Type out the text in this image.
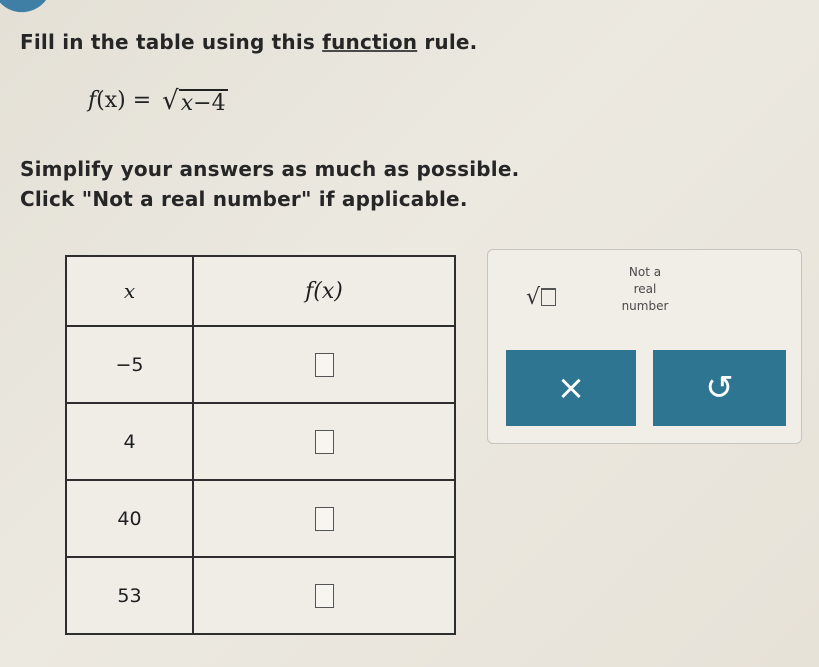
Fill in the table using this function rule.
f (x) = √ x−4
Simplify your answers as much as possible.
Click "Not a real number" if applicable.
x	f(x)
−5	
4	
40	
53	
√
Not a
real
number
×	↺
